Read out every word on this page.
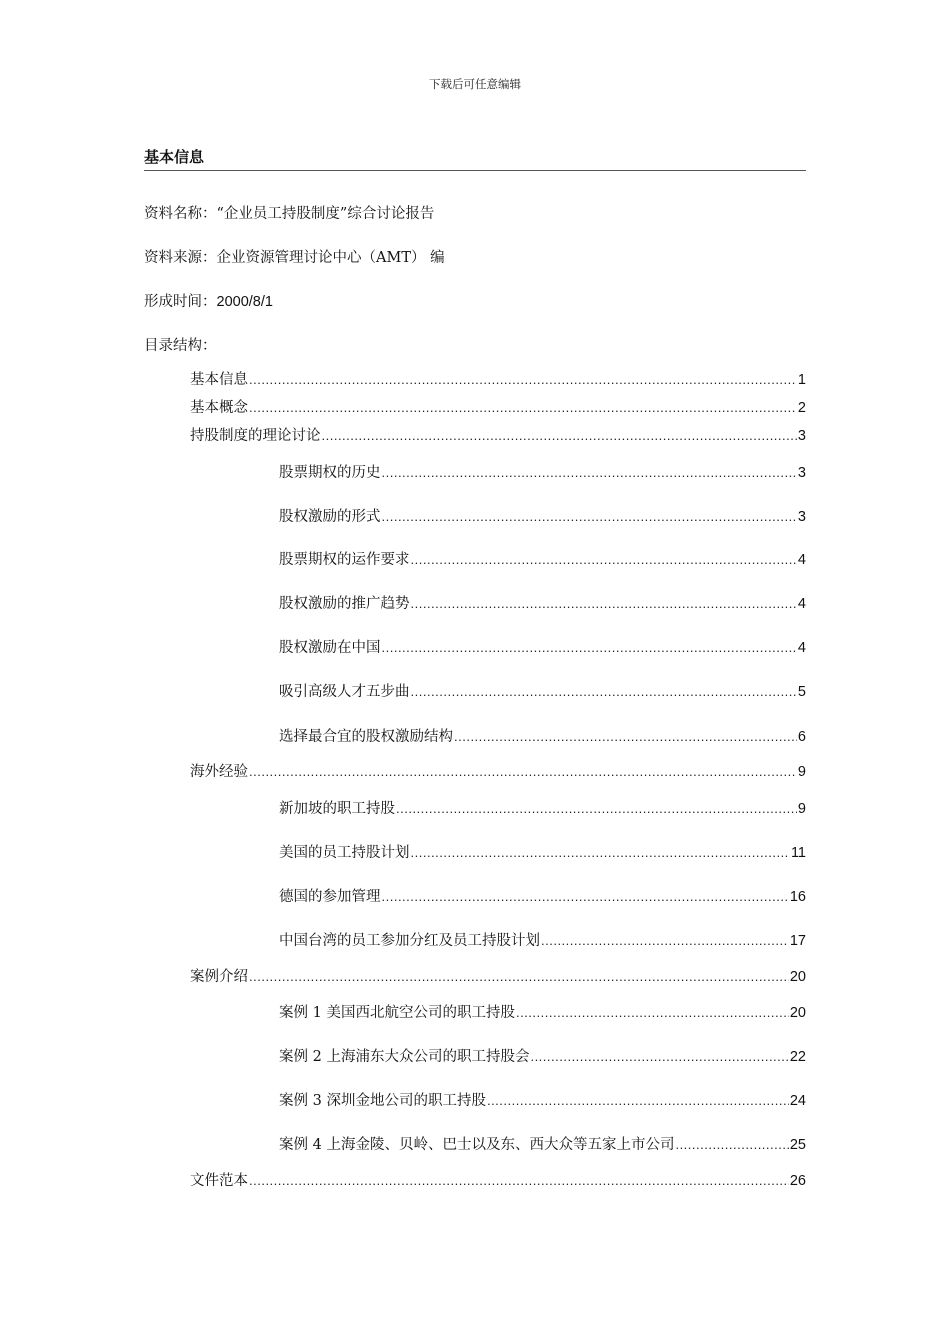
下载后可任意编辑
基本信息
资料名称：“企业员工持股制度”综合讨论报告
资料来源：企业资源管理讨论中心（AMT） 编
形成时间：2000/8/1
目录结构：
基本信息 .....	1
基本概念 .....	2
持股制度的理论讨论 .....	3
股票期权的历史 .....	3
股权激励的形式 .....	3
股票期权的运作要求 .....	4
股权激励的推广趋势 .....	4
股权激励在中国 .....	4
吸引高级人才五步曲 .....	5
选择最合宜的股权激励结构 .....	6
海外经验 .....	9
新加坡的职工持股 .....	9
美国的员工持股计划 .....	11
德国的参加管理 .....	16
中国台湾的员工参加分红及员工持股计划 .....	17
案例介绍 .....	20
案例 1 美国西北航空公司的职工持股 .....	20
案例 2 上海浦东大众公司的职工持股会 .....	22
案例 3 深圳金地公司的职工持股 .....	24
案例 4 上海金陵、贝岭、巴士以及东、西大众等五家上市公司 .....	25
文件范本 .....	26
